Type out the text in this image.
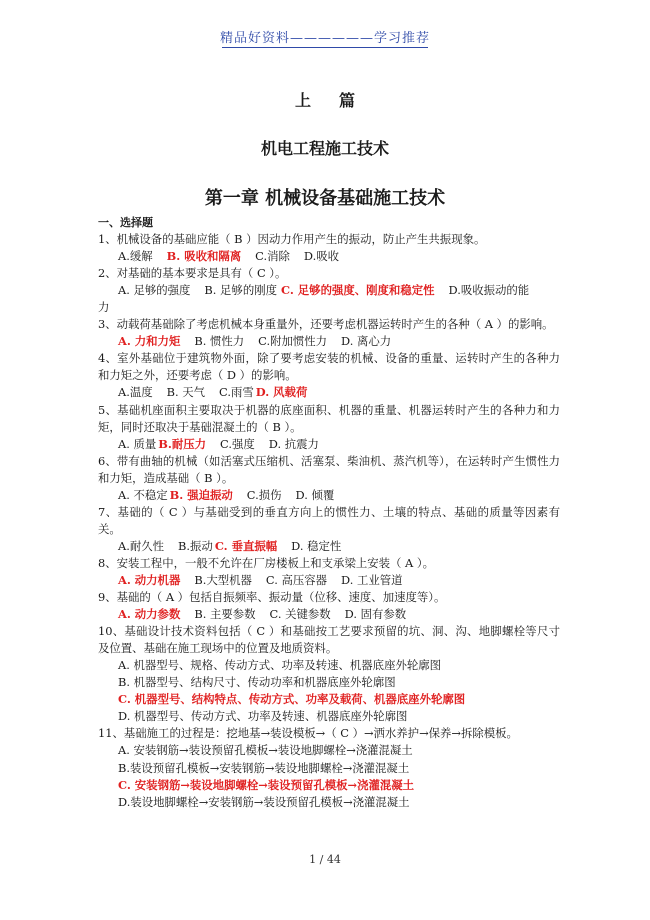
精品好资料——————学习推荐
上篇
机电工程施工技术
第一章 机械设备基础施工技术
一、选择题
1、机械设备的基础应能（ B ）因动力作用产生的振动，防止产生共振现象。
A.缓解 B. 吸收和隔离 C.消除 D.吸收
2、对基础的基本要求是具有（ C ）。
A. 足够的强度 B. 足够的刚度 C. 足够的强度、刚度和稳定性 D.吸收振动的能
力
3、动载荷基础除了考虑机械本身重量外，还要考虑机器运转时产生的各种（ A ）的影响。
A. 力和力矩 B. 惯性力 C.附加惯性力 D. 离心力
4、室外基础位于建筑物外面，除了要考虑安装的机械、设备的重量、运转时产生的各种力和力矩之外，还要考虑（ D ）的影响。
A.温度 B. 天气 C.雨雪 D. 风载荷
5、基础机座面积主要取决于机器的底座面积、机器的重量、机器运转时产生的各种力和力矩，同时还取决于基础混凝土的（ B ）。
A. 质量 B.耐压力 C.强度 D. 抗震力
6、带有曲轴的机械（如活塞式压缩机、活塞泵、柴油机、蒸汽机等），在运转时产生惯性力和力矩，造成基础（ B ）。
A. 不稳定 B. 强迫振动 C.损伤 D. 倾覆
7、基础的（ C ）与基础受到的垂直方向上的惯性力、土壤的特点、基础的质量等因素有关。
A.耐久性 B.振动 C. 垂直振幅 D. 稳定性
8、安装工程中，一般不允许在厂房楼板上和支承梁上安装（ A ）。
A. 动力机器 B.大型机器 C. 高压容器 D. 工业管道
9、基础的（ A ）包括自振频率、振动量（位移、速度、加速度等）。
A. 动力参数 B. 主要参数 C. 关键参数 D. 固有参数
10、基础设计技术资料包括（ C ）和基础按工艺要求预留的坑、洞、沟、地脚螺栓等尺寸及位置、基础在施工现场中的位置及地质资料。
A. 机器型号、规格、传动方式、功率及转速、机器底座外轮廓图
B. 机器型号、结构尺寸、传动功率和机器底座外轮廓图
C. 机器型号、结构特点、传动方式、功率及载荷、机器底座外轮廓图
D. 机器型号、传动方式、功率及转速、机器底座外轮廓图
11、基础施工的过程是：挖地基→装设模板→（ C ）→洒水养护→保养→拆除模板。
A. 安装钢筋→装设预留孔模板→装设地脚螺栓→浇灌混凝土
B.装设预留孔模板→安装钢筋→装设地脚螺栓→浇灌混凝土
C. 安装钢筋→装设地脚螺栓→装设预留孔模板→浇灌混凝土
D.装设地脚螺栓→安装钢筋→装设预留孔模板→浇灌混凝土
1 / 44
